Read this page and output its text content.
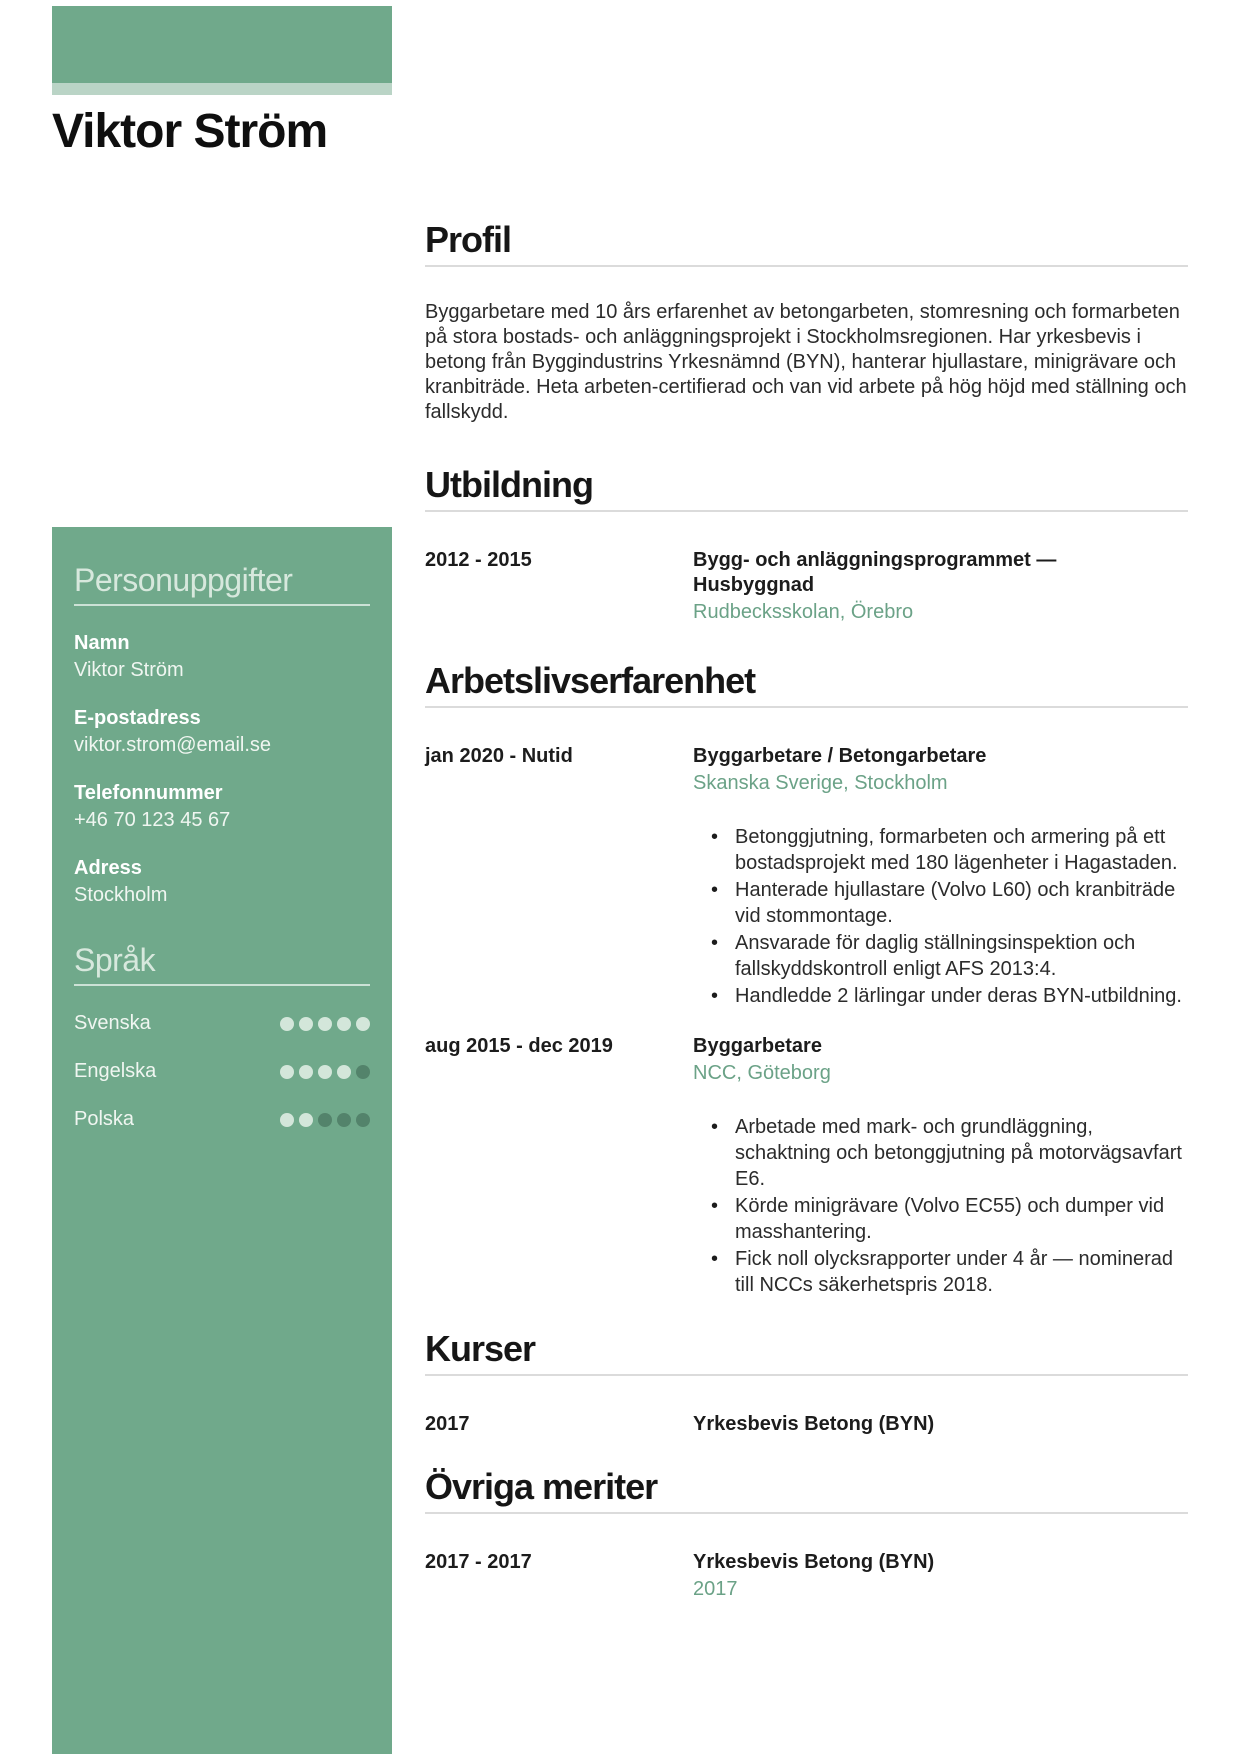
Viktor Ström
Personuppgifter
Namn
Viktor Ström
E-postadress
viktor.strom@email.se
Telefonnummer
+46 70 123 45 67
Adress
Stockholm
Språk
Svenska
Engelska
Polska
Profil

Byggarbetare med 10 års erfarenhet av betongarbeten, stomresning och formarbeten på stora bostads- och anläggningsprojekt i Stockholmsregionen. Har yrkesbevis i betong från Byggindustrins Yrkesnämnd (BYN), hanterar hjullastare, minigrävare och kranbiträde. Heta arbeten-certifierad och van vid arbete på hög höjd med ställning och fallskydd.

Utbildning
2012 - 2015	Bygg- och anläggningsprogrammet — Husbyggnad
Rudbecksskolan, Örebro
Arbetslivserfarenhet
jan 2020 - Nutid	Byggarbetare / Betongarbetare
Skanska Sverige, Stockholm
• Betonggjutning, formarbeten och armering på ett bostadsprojekt med 180 lägenheter i Hagastaden.
• Hanterade hjullastare (Volvo L60) och kranbiträde vid stommontage.
• Ansvarade för daglig ställningsinspektion och fallskyddskontroll enligt AFS 2013:4.
• Handledde 2 lärlingar under deras BYN-utbildning.
aug 2015 - dec 2019	Byggarbetare
NCC, Göteborg
• Arbetade med mark- och grundläggning, schaktning och betonggjutning på motorvägsavfart E6.
• Körde minigrävare (Volvo EC55) och dumper vid masshantering.
• Fick noll olycksrapporter under 4 år — nominerad till NCCs säkerhetspris 2018.
Kurser
2017	Yrkesbevis Betong (BYN)
Övriga meriter
2017 - 2017	Yrkesbevis Betong (BYN)
2017
